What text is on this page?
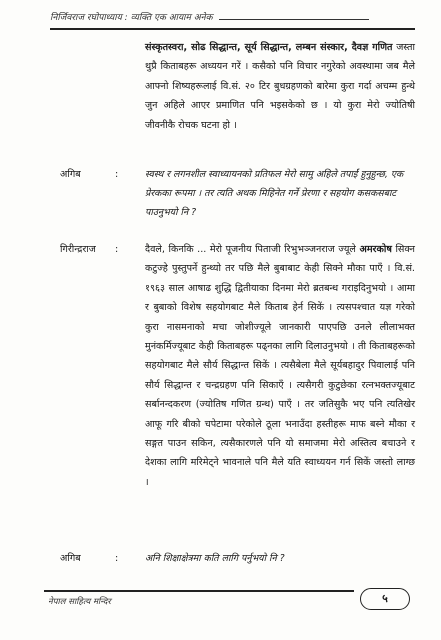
निर्जिवराज रघोपाध्याय : व्यक्ति एक आयाम अनेक

संस्कृतस्वरा, सोढ सिद्धान्त, सूर्य सिद्धान्त, लम्बन संस्कार, दैवज्ञ गणित जस्ता थुप्रै किताबहरू अध्ययन गरें । कसैको पनि विचार नगुरेको अवस्थामा जब मैले आफ्नो शिष्यहरूलाई वि.सं. २० टिर बुधग्रहणको बारेमा कुरा गर्दा अचम्म हुन्थे जुन अहिले आएर प्रमाणित पनि भइसकेको छ । यो कुरा मेरो ज्योतिषी जीवनीकै रोचक घटना हो ।

अगिब	:	स्वस्थ र लगनशील स्वाध्यायनको प्रतिफल मेरो सामु अहिले तपाईं हुनुहुन्छ, एक प्रेरकका रूपमा । तर त्यति अथक मिहिनेत गर्ने प्रेरणा र सहयोग कसकसबाट पाउनुभयो नि ?

गिरीन्द्रराज :	दैवले, किनकि ... मेरो पूजनीय पिताजी रिभुभञ्जनराज ज्यूले अमरकोष सिक्न कटुज्हे पुस्तुपर्ने हुन्थ्यो तर पछि मैले बुबाबाट केही सिक्ने मौका पाएँ । वि.सं. १९६३ साल आषाढ शुद्धि द्वितीयाका दिनमा मेरो ब्रतबन्ध गराइदिनुभयो । आमा र बुबाको विशेष सहयोगबाट मैले किताब हेर्न सिकें । त्यसपश्चात यज्ञ गरेको कुरा नासमनाको मचा जोशीज्यूले जानकारी पाएपछि उनले लीलाभक्त मुनंकर्मिज्यूबाट केही किताबहरू पढ्नका लागि दिलाउनुभयो । ती किताबहरूको सहयोगबाट मैले सौर्य सिद्धान्त सिकें । त्यसैबेला मैले सूर्यबहादुर पिवालाई पनि सौर्य सिद्धान्त र चन्द्रग्रहण पनि सिकाएँ । त्यसैगरी कुटुछेका रत्नभक्तज्यूबाट सर्बानन्दकरण (ज्योतिष गणित ग्रन्थ) पाएँ । तर जतिसुकै भए पनि त्यतिखेर आफू गरि बीको चपेटामा परेकोले ठूला भनाउँदा हस्तीहरू माफ बस्ने मौका र सङ्गत पाउन सकिन, त्यसैकारणले पनि यो समाजमा मेरो अस्तित्व बचाउने र देशका लागि मरिमेट्ने भावनाले पनि मैले यति स्वाध्ययन गर्न सिकें जस्तो लाग्छ ।

अगिब	:	अनि शिक्षाक्षेत्रमा कति लागि पर्नुभयो नि ?

नेपाल साहित्य मन्दिर	५
